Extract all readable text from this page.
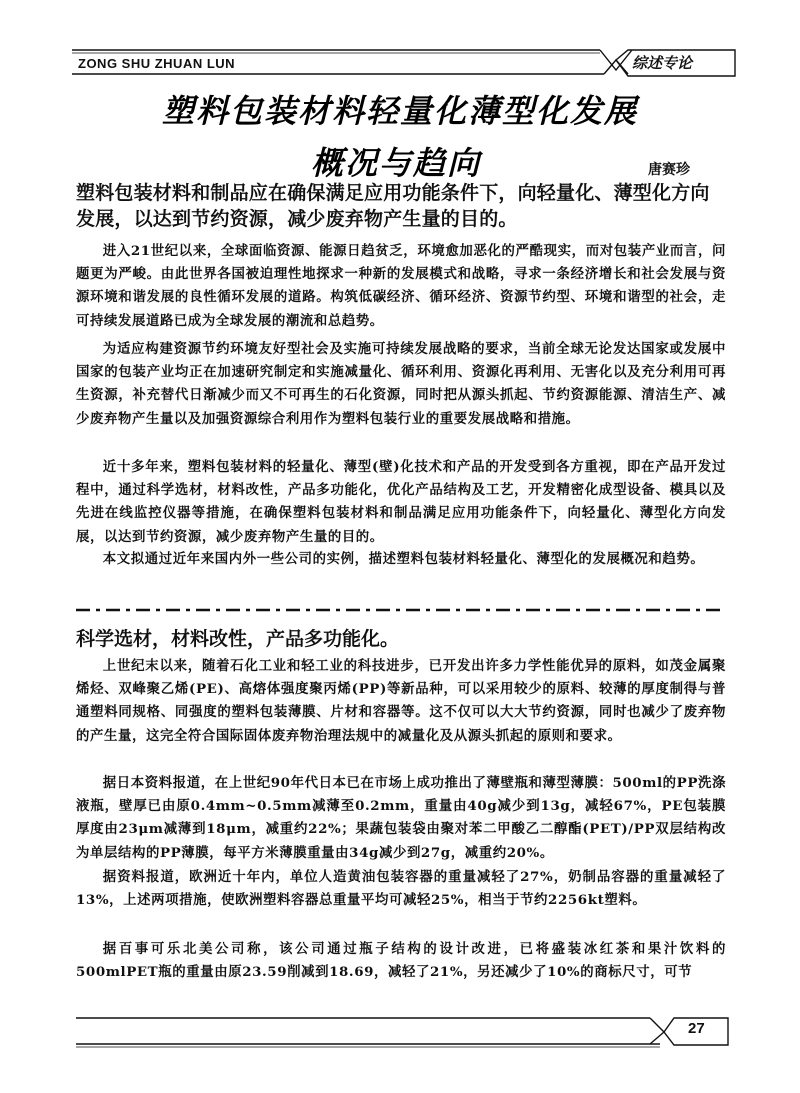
ZONG SHU ZHUAN LUN	综述专论
塑料包装材料轻量化薄型化发展
概况与趋向	唐赛珍
塑料包装材料和制品应在确保满足应用功能条件下，向轻量化、薄型化方向发展，以达到节约资源，减少废弃物产生量的目的。

进入21世纪以来，全球面临资源、能源日趋贫乏，环境愈加恶化的严酷现实，而对包装产业而言，问题更为严峻。由此世界各国被迫理性地探求一种新的发展模式和战略，寻求一条经济增长和社会发展与资源环境和谐发展的良性循环发展的道路。构筑低碳经济、循环经济、资源节约型、环境和谐型的社会，走可持续发展道路已成为全球发展的潮流和总趋势。

为适应构建资源节约环境友好型社会及实施可持续发展战略的要求，当前全球无论发达国家或发展中国家的包装产业均正在加速研究制定和实施减量化、循环利用、资源化再利用、无害化以及充分利用可再生资源，补充替代日渐减少而又不可再生的石化资源，同时把从源头抓起、节约资源能源、清洁生产、减少废弃物产生量以及加强资源综合利用作为塑料包装行业的重要发展战略和措施。

近十多年来，塑料包装材料的轻量化、薄型(壁)化技术和产品的开发受到各方重视，即在产品开发过程中，通过科学选材，材料改性，产品多功能化，优化产品结构及工艺，开发精密化成型设备、模具以及先进在线监控仪器等措施，在确保塑料包装材料和制品满足应用功能条件下，向轻量化、薄型化方向发展，以达到节约资源，减少废弃物产生量的目的。

本文拟通过近年来国内外一些公司的实例，描述塑料包装材料轻量化、薄型化的发展概况和趋势。

科学选材，材料改性，产品多功能化。

上世纪末以来，随着石化工业和轻工业的科技进步，已开发出许多力学性能优异的原料，如茂金属聚烯烃、双峰聚乙烯(PE)、高熔体强度聚丙烯(PP)等新品种，可以采用较少的原料、较薄的厚度制得与普通塑料同规格、同强度的塑料包装薄膜、片材和容器等。这不仅可以大大节约资源，同时也减少了废弃物的产生量，这完全符合国际固体废弃物治理法规中的减量化及从源头抓起的原则和要求。

据日本资料报道，在上世纪90年代日本已在市场上成功推出了薄壁瓶和薄型薄膜：500ml的PP洗涤液瓶，壁厚已由原0.4mm~0.5mm减薄至0.2mm，重量由40g减少到13g，减轻67%，PE包装膜厚度由23μm减薄到18μm，减重约22%；果蔬包装袋由聚对苯二甲酸乙二醇酯(PET)/PP双层结构改为单层结构的PP薄膜，每平方米薄膜重量由34g减少到27g，减重约20%。

据资料报道，欧洲近十年内，单位人造黄油包装容器的重量减轻了27%，奶制品容器的重量减轻了13%，上述两项措施，使欧洲塑料容器总重量平均可减轻25%，相当于节约2256kt塑料。

据百事可乐北美公司称，该公司通过瓶子结构的设计改进，已将盛装冰红茶和果汁饮料的500mlPET瓶的重量由原23.59削减到18.69，减轻了21%，另还减少了10%的商标尺寸，可节

27
